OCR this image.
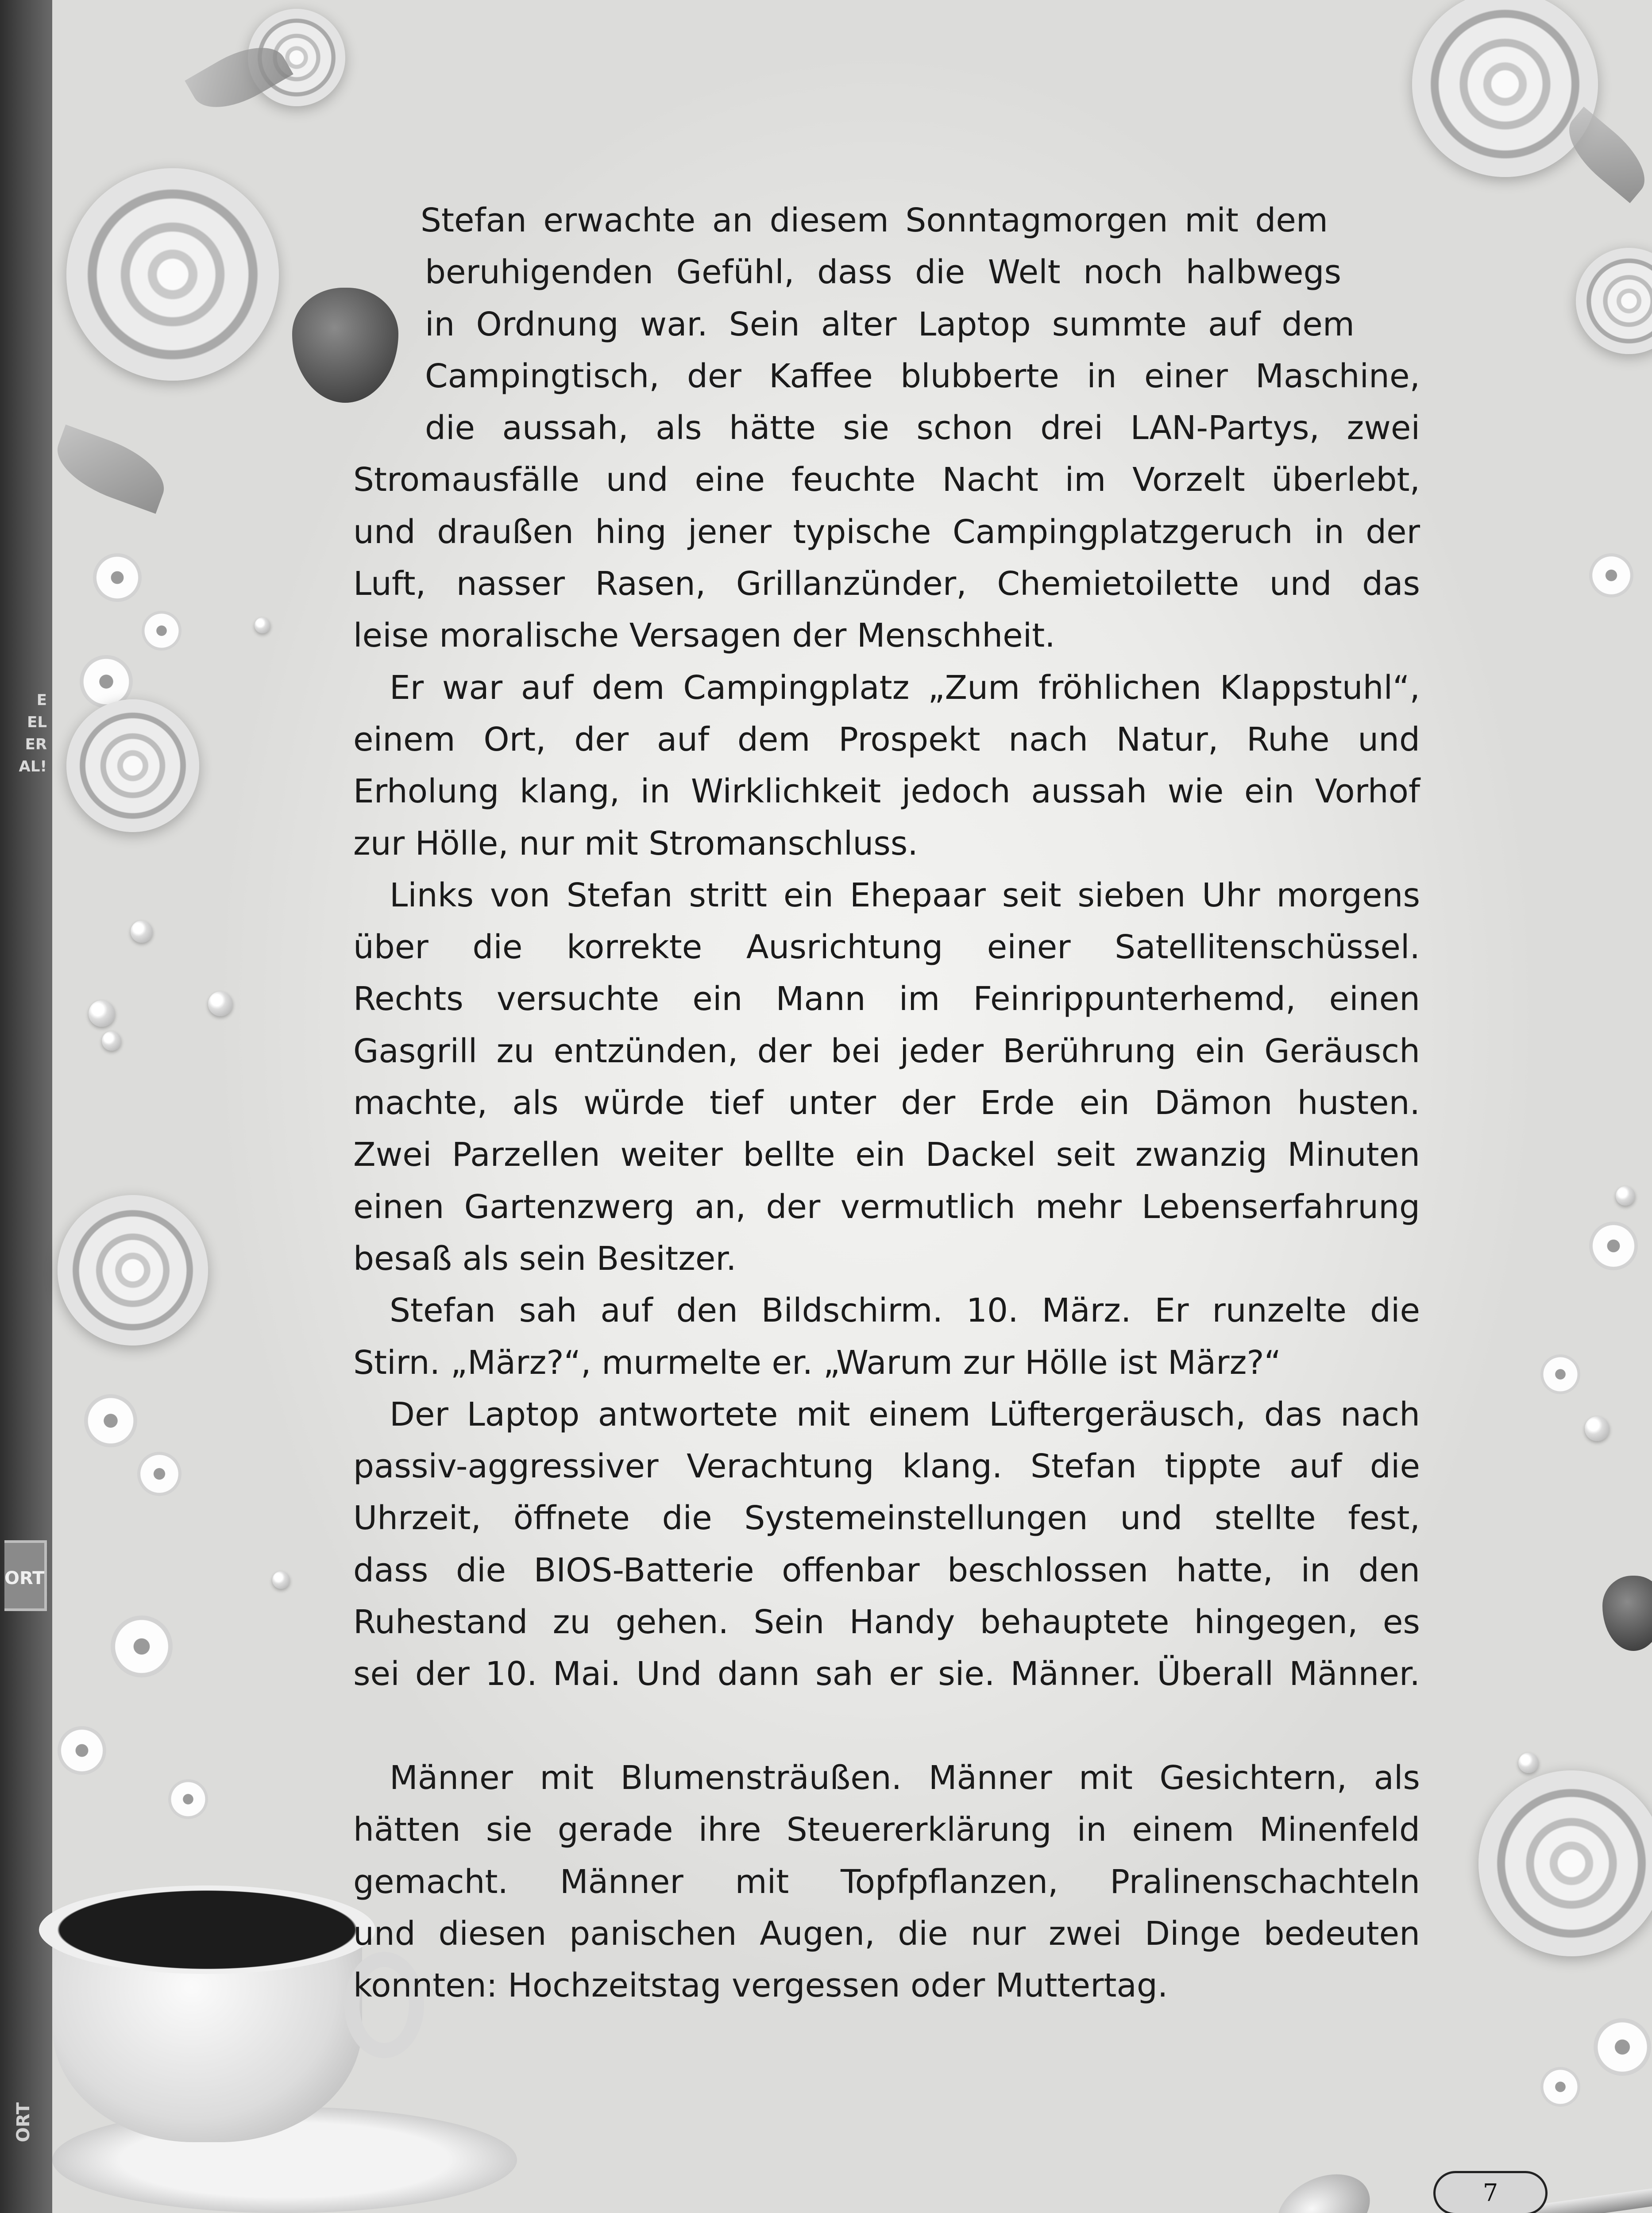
E
EL
ER
AL!
ORT
ORT
Stefan erwachte an diesem Sonntagmorgen mit dem
beruhigenden Gefühl, dass die Welt noch halbwegs
in Ordnung war. Sein alter Laptop summte auf dem
Campingtisch, der Kaffee blubberte in einer Maschine,
die aussah, als hätte sie schon drei LAN-Partys, zwei
Stromausfälle und eine feuchte Nacht im Vorzelt überlebt,
und draußen hing jener typische Campingplatzgeruch in der
Luft, nasser Rasen, Grillanzünder, Chemietoilette und das
leise moralische Versagen der Menschheit.
Er war auf dem Campingplatz „Zum fröhlichen Klappstuhl“,
einem Ort, der auf dem Prospekt nach Natur, Ruhe und
Erholung klang, in Wirklichkeit jedoch aussah wie ein Vorhof
zur Hölle, nur mit Stromanschluss.
Links von Stefan stritt ein Ehepaar seit sieben Uhr morgens
über die korrekte Ausrichtung einer Satellitenschüssel.
Rechts versuchte ein Mann im Feinrippunterhemd, einen
Gasgrill zu entzünden, der bei jeder Berührung ein Geräusch
machte, als würde tief unter der Erde ein Dämon husten.
Zwei Parzellen weiter bellte ein Dackel seit zwanzig Minuten
einen Gartenzwerg an, der vermutlich mehr Lebenserfahrung
besaß als sein Besitzer.
Stefan sah auf den Bildschirm. 10. März. Er runzelte die
Stirn. „März?“, murmelte er. „Warum zur Hölle ist März?“
Der Laptop antwortete mit einem Lüftergeräusch, das nach
passiv-aggressiver Verachtung klang. Stefan tippte auf die
Uhrzeit, öffnete die Systemeinstellungen und stellte fest,
dass die BIOS-Batterie offenbar beschlossen hatte, in den
Ruhestand zu gehen. Sein Handy behauptete hingegen, es
sei der 10. Mai. Und dann sah er sie. Männer. Überall Männer.
Männer mit Blumensträußen. Männer mit Gesichtern, als
hätten sie gerade ihre Steuererklärung in einem Minenfeld
gemacht. Männer mit Topfpflanzen, Pralinenschachteln
und diesen panischen Augen, die nur zwei Dinge bedeuten
konnten: Hochzeitstag vergessen oder Muttertag.
7
